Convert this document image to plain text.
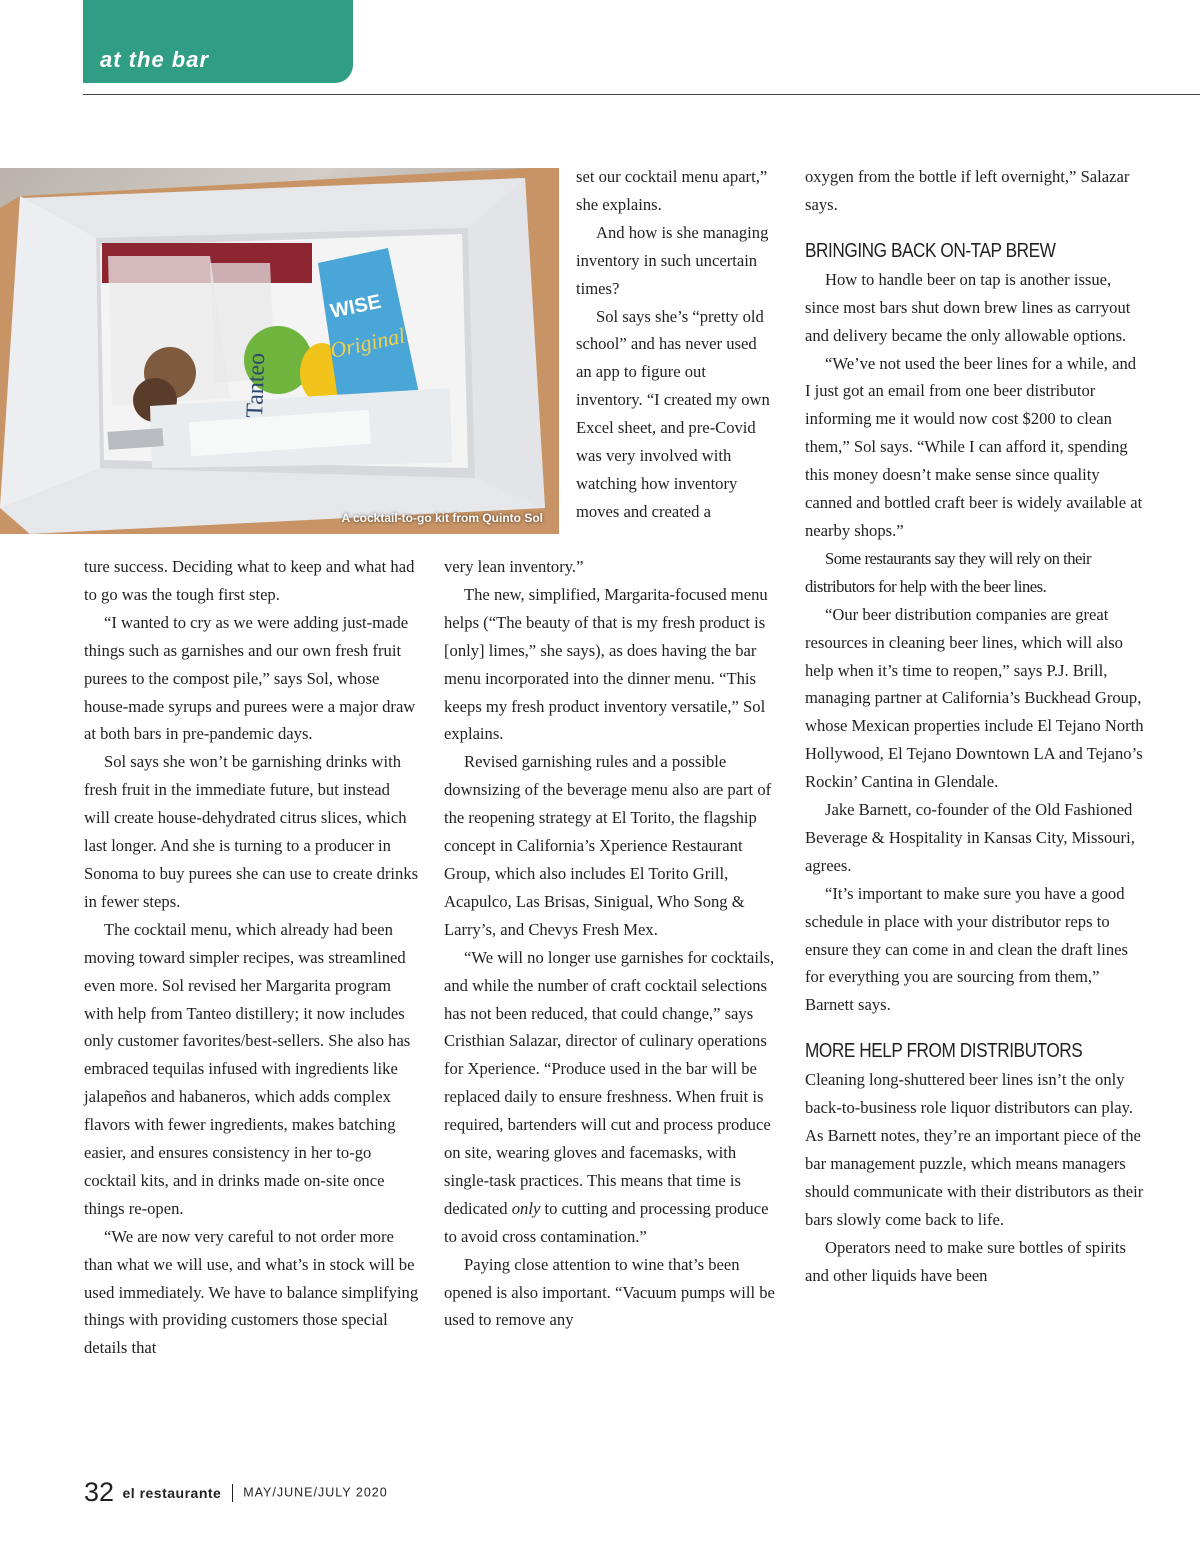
at the bar
WISE
Original
Tanteo
A cocktail-to-go kit from Quinto Sol

set our cocktail menu apart,” she explains.

And how is she managing inventory in such uncertain times?

Sol says she’s “pretty old school” and has never used an app to figure out inventory. “I created my own Excel sheet, and pre-Covid was very involved with watching how inventory moves and created a

ture success. Deciding what to keep and what had to go was the tough first step.

“I wanted to cry as we were adding just-made things such as garnishes and our own fresh fruit purees to the compost pile,” says Sol, whose house-made syrups and purees were a major draw at both bars in pre-pandemic days.

Sol says she won’t be garnishing drinks with fresh fruit in the immediate future, but instead will create house-dehydrated citrus slices, which last longer. And she is turning to a producer in Sonoma to buy purees she can use to create drinks in fewer steps.

The cocktail menu, which already had been moving toward simpler recipes, was streamlined even more. Sol revised her Margarita program with help from Tanteo distillery; it now includes only customer favorites/best-sellers. She also has embraced tequilas infused with ingredients like jalapeños and habaneros, which adds complex flavors with fewer ingredients, makes batching easier, and ensures consistency in her to-go cocktail kits, and in drinks made on-site once things re-open.

“We are now very careful to not order more than what we will use, and what’s in stock will be used immediately. We have to balance simplifying things with providing customers those special details that

very lean inventory.”

The new, simplified, Margarita-focused menu helps (“The beauty of that is my fresh product is [only] limes,” she says), as does having the bar menu incorporated into the dinner menu. “This keeps my fresh product inventory versatile,” Sol explains.

Revised garnishing rules and a possible downsizing of the beverage menu also are part of the reopening strategy at El Torito, the flagship concept in California’s Xperience Restaurant Group, which also includes El Torito Grill, Acapulco, Las Brisas, Sinigual, Who Song & Larry’s, and Chevys Fresh Mex.

“We will no longer use garnishes for cocktails, and while the number of craft cocktail selections has not been reduced, that could change,” says Cristhian Salazar, director of culinary operations for Xperience. “Produce used in the bar will be replaced daily to ensure freshness. When fruit is required, bartenders will cut and process produce on site, wearing gloves and facemasks, with single-task practices. This means that time is dedicated only to cutting and processing produce to avoid cross contamination.”

Paying close attention to wine that’s been opened is also important. “Vacuum pumps will be used to remove any

oxygen from the bottle if left overnight,” Salazar says.

BRINGING BACK ON-TAP BREW

How to handle beer on tap is another issue, since most bars shut down brew lines as carryout and delivery became the only allowable options.

“We’ve not used the beer lines for a while, and I just got an email from one beer distributor informing me it would now cost $200 to clean them,” Sol says. “While I can afford it, spending this money doesn’t make sense since quality canned and bottled craft beer is widely available at nearby shops.”

Some restaurants say they will rely on their distributors for help with the beer lines.

“Our beer distribution companies are great resources in cleaning beer lines, which will also help when it’s time to reopen,” says P.J. Brill, managing partner at California’s Buckhead Group, whose Mexican properties include El Tejano North Hollywood, El Tejano Downtown LA and Tejano’s Rockin’ Cantina in Glendale.

Jake Barnett, co-founder of the Old Fashioned Beverage & Hospitality in Kansas City, Missouri, agrees.

“It’s important to make sure you have a good schedule in place with your distributor reps to ensure they can come in and clean the draft lines for everything you are sourcing from them,” Barnett says.

MORE HELP FROM DISTRIBUTORS

Cleaning long-shuttered beer lines isn’t the only back-to-business role liquor distributors can play. As Barnett notes, they’re an important piece of the bar management puzzle, which means managers should communicate with their distributors as their bars slowly come back to life.

Operators need to make sure bottles of spirits and other liquids have been

32 el restaurante MAY/JUNE/JULY 2020
